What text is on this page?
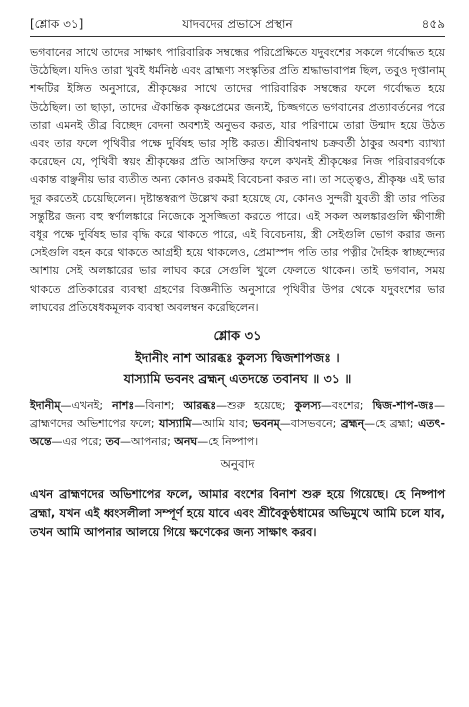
[শ্লোক ৩১]	যাদবদের প্রভাসে প্রস্থান	৪৫৯

ভগবানের সাথে তাদের সাক্ষাৎ পারিবারিক সম্বন্ধের পরিপ্রেক্ষিতে যদুবংশের সকলে গর্বোদ্ধত হয়ে উঠেছিল। যদিও তারা খুবই ধর্মনিষ্ঠ এবং ব্রাহ্মণ্য সংস্কৃতির প্রতি শ্রদ্ধাভাবাপন্ন ছিল, তবুও দৃপ্তানাম্ শব্দটির ইঙ্গিত অনুসারে, শ্রীকৃষ্ণের সাথে তাদের পারিবারিক সম্বন্ধের ফলে গর্বোদ্ধত হয়ে উঠেছিল। তা ছাড়া, তাদের ঐকান্তিক কৃষ্ণপ্রেমের জন্যই, চিজ্জগতে ভগবানের প্রত্যাবর্তনের পরে তারা এমনই তীব্র বিচ্ছেদ বেদনা অবশ্যই অনুভব করত, যার পরিণামে তারা উন্মাদ হয়ে উঠত এবং তার ফলে পৃথিবীর পক্ষে দুর্বিষহ ভার সৃষ্টি করত। শ্রীবিশ্বনাথ চক্রবর্তী ঠাকুর অবশ্য ব্যাখ্যা করেছেন যে, পৃথিবী স্বয়ং শ্রীকৃষ্ণের প্রতি আসক্তির ফলে কখনই শ্রীকৃষ্ণের নিজ পরিবারবর্গকে একান্ত বাঞ্ছনীয় ভার ব্যতীত অন্য কোনও রকমই বিবেচনা করত না। তা সত্ত্বেও, শ্রীকৃষ্ণ এই ভার দূর করতেই চেয়েছিলেন। দৃষ্টান্তস্বরূপ উল্লেখ করা হয়েছে যে, কোনও সুন্দরী যুবতী স্ত্রী তার পতির সন্তুষ্টির জন্য বহু স্বর্ণালঙ্কারে নিজেকে সুসজ্জিতা করতে পারে। এই সকল অলঙ্কারগুলি ক্ষীণাঙ্গী বধূর পক্ষে দুর্বিষহ ভার বৃদ্ধি করে থাকতে পারে, এই বিবেচনায়, স্ত্রী সেইগুলি ভোগ করার জন্য সেইগুলি বহন করে থাকতে আগ্রহী হয়ে থাকলেও, প্রেমাস্পদ পতি তার পত্নীর দৈহিক স্বাচ্ছন্দ্যের আশায় সেই অলঙ্কারের ভার লাঘব করে সেগুলি খুলে ফেলতে থাকেন। তাই ভগবান, সময় থাকতে প্রতিকারের ব্যবস্থা গ্রহণের বিজ্ঞনীতি অনুসারে পৃথিবীর উপর থেকে যদুবংশের ভার লাঘবের প্রতিষেধকমূলক ব্যবস্থা অবলম্বন করেছিলেন।

শ্লোক ৩১
ইদানীং নাশ আরব্ধঃ কুলস্য দ্বিজশাপজঃ ।
যাস্যামি ভবনং ব্রহ্মন্ এতদন্তে তবানঘ ॥ ৩১ ॥
ইদানীম্—এখনই; নাশঃ—বিনাশ; আরব্ধঃ—শুরু হয়েছে; কুলস্য—বংশের; দ্বিজ-শাপ-জঃ—ব্রাহ্মণদের অভিশাপের ফলে; যাস্যামি—আমি যাব; ভবনম্—বাসভবনে; ব্রহ্মন্—হে ব্রহ্মা; এতৎ-অন্তে—এর পরে; তব—আপনার; অনঘ—হে নিষ্পাপ।
অনুবাদ

এখন ব্রাহ্মণদের অভিশাপের ফলে, আমার বংশের বিনাশ শুরু হয়ে গিয়েছে। হে নিষ্পাপ ব্রহ্মা, যখন এই ধ্বংসলীলা সম্পূর্ণ হয়ে যাবে এবং শ্রীবৈকুণ্ঠধামের অভিমুখে আমি চলে যাব, তখন আমি আপনার আলয়ে গিয়ে ক্ষণেকের জন্য সাক্ষাৎ করব।
